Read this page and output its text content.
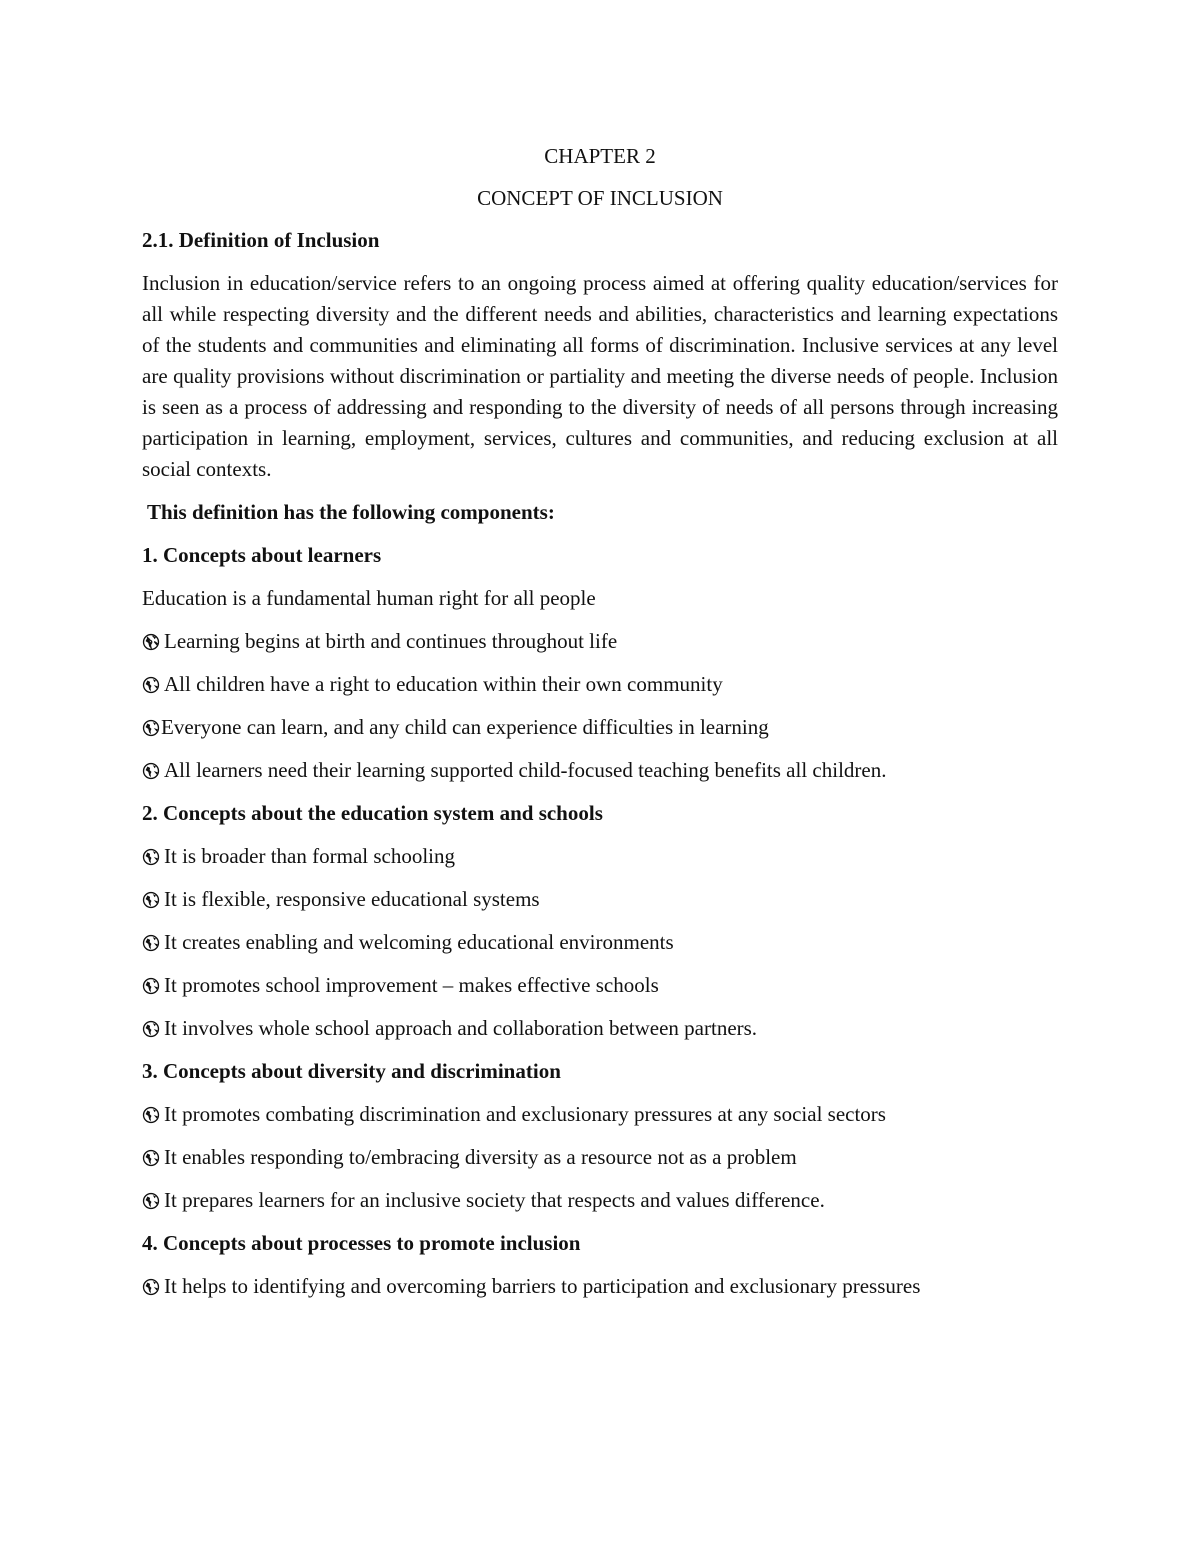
CHAPTER 2

CONCEPT OF INCLUSION

2.1. Definition of Inclusion

Inclusion in education/service refers to an ongoing process aimed at offering quality education/services for all while respecting diversity and the different needs and abilities, characteristics and learning expectations of the students and communities and eliminating all forms of discrimination. Inclusive services at any level are quality provisions without discrimination or partiality and meeting the diverse needs of people. Inclusion is seen as a process of addressing and responding to the diversity of needs of all persons through increasing participation in learning, employment, services, cultures and communities, and reducing exclusion at all social contexts.

This definition has the following components:

1. Concepts about learners

Education is a fundamental human right for all people

Learning begins at birth and continues throughout life
All children have a right to education within their own community
Everyone can learn, and any child can experience difficulties in learning
All learners need their learning supported child-focused teaching benefits all children.

2. Concepts about the education system and schools

It is broader than formal schooling
It is flexible, responsive educational systems
It creates enabling and welcoming educational environments
It promotes school improvement – makes effective schools
It involves whole school approach and collaboration between partners.

3. Concepts about diversity and discrimination

It promotes combating discrimination and exclusionary pressures at any social sectors
It enables responding to/embracing diversity as a resource not as a problem
It prepares learners for an inclusive society that respects and values difference.

4. Concepts about processes to promote inclusion

It helps to identifying and overcoming barriers to participation and exclusionary pressures
